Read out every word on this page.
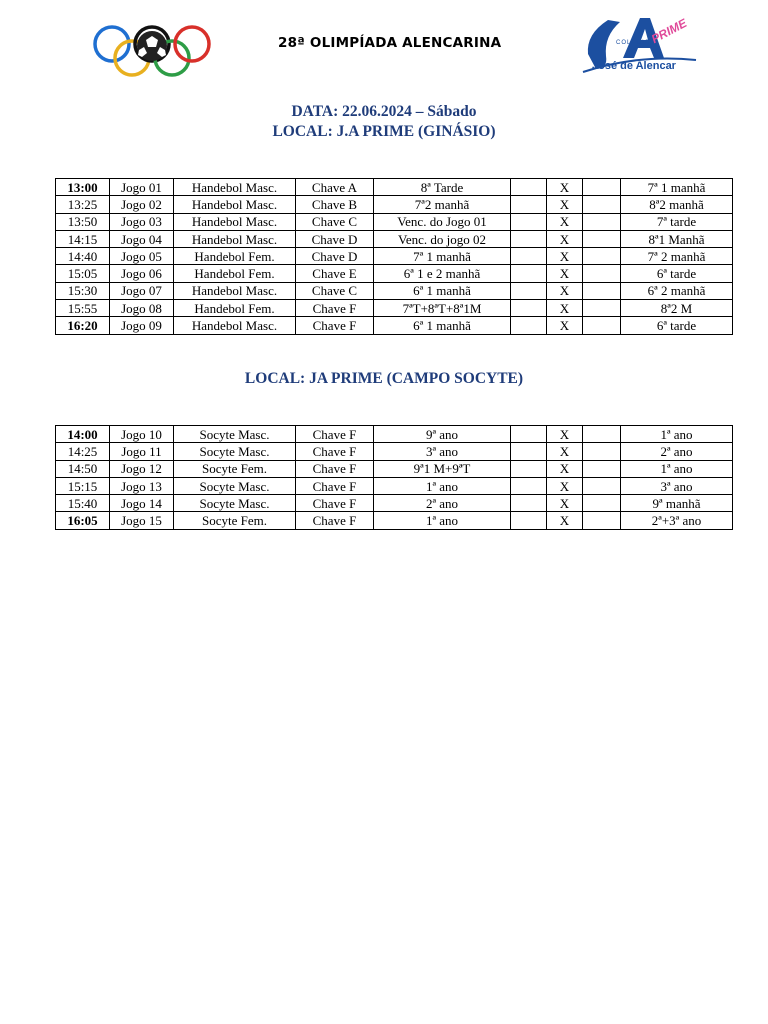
28ª OLIMPÍADA ALENCARINA	PRIME
COLÉGIO
José de Alencar
DATA: 22.06.2024 – Sábado
LOCAL: J.A PRIME (GINÁSIO)
13:00	Jogo 01	Handebol Masc.	Chave A	8ª Tarde		X		7ª 1 manhã
13:25	Jogo 02	Handebol Masc.	Chave B	7ª2 manhã		X		8ª2 manhã
13:50	Jogo 03	Handebol Masc.	Chave C	Venc. do Jogo 01		X		7ª tarde
14:15	Jogo 04	Handebol Masc.	Chave D	Venc. do jogo 02		X		8ª1 Manhã
14:40	Jogo 05	Handebol Fem.	Chave D	7ª 1 manhã		X		7ª 2 manhã
15:05	Jogo 06	Handebol Fem.	Chave E	6ª 1 e 2 manhã		X		6ª tarde
15:30	Jogo 07	Handebol Masc.	Chave C	6ª 1 manhã		X		6ª 2 manhã
15:55	Jogo 08	Handebol Fem.	Chave F	7ªT+8ªT+8ª1M		X		8ª2 M
16:20	Jogo 09	Handebol Masc.	Chave F	6ª 1 manhã		X		6ª tarde
LOCAL: JA PRIME (CAMPO SOCYTE)
14:00	Jogo 10	Socyte Masc.	Chave F	9ª ano		X		1ª ano
14:25	Jogo 11	Socyte Masc.	Chave F	3ª ano		X		2ª ano
14:50	Jogo 12	Socyte Fem.	Chave F	9ª1 M+9ªT		X		1ª ano
15:15	Jogo 13	Socyte Masc.	Chave F	1ª ano		X		3ª ano
15:40	Jogo 14	Socyte Masc.	Chave F	2ª ano		X		9ª manhã
16:05	Jogo 15	Socyte Fem.	Chave F	1ª ano		X		2ª+3ª ano
